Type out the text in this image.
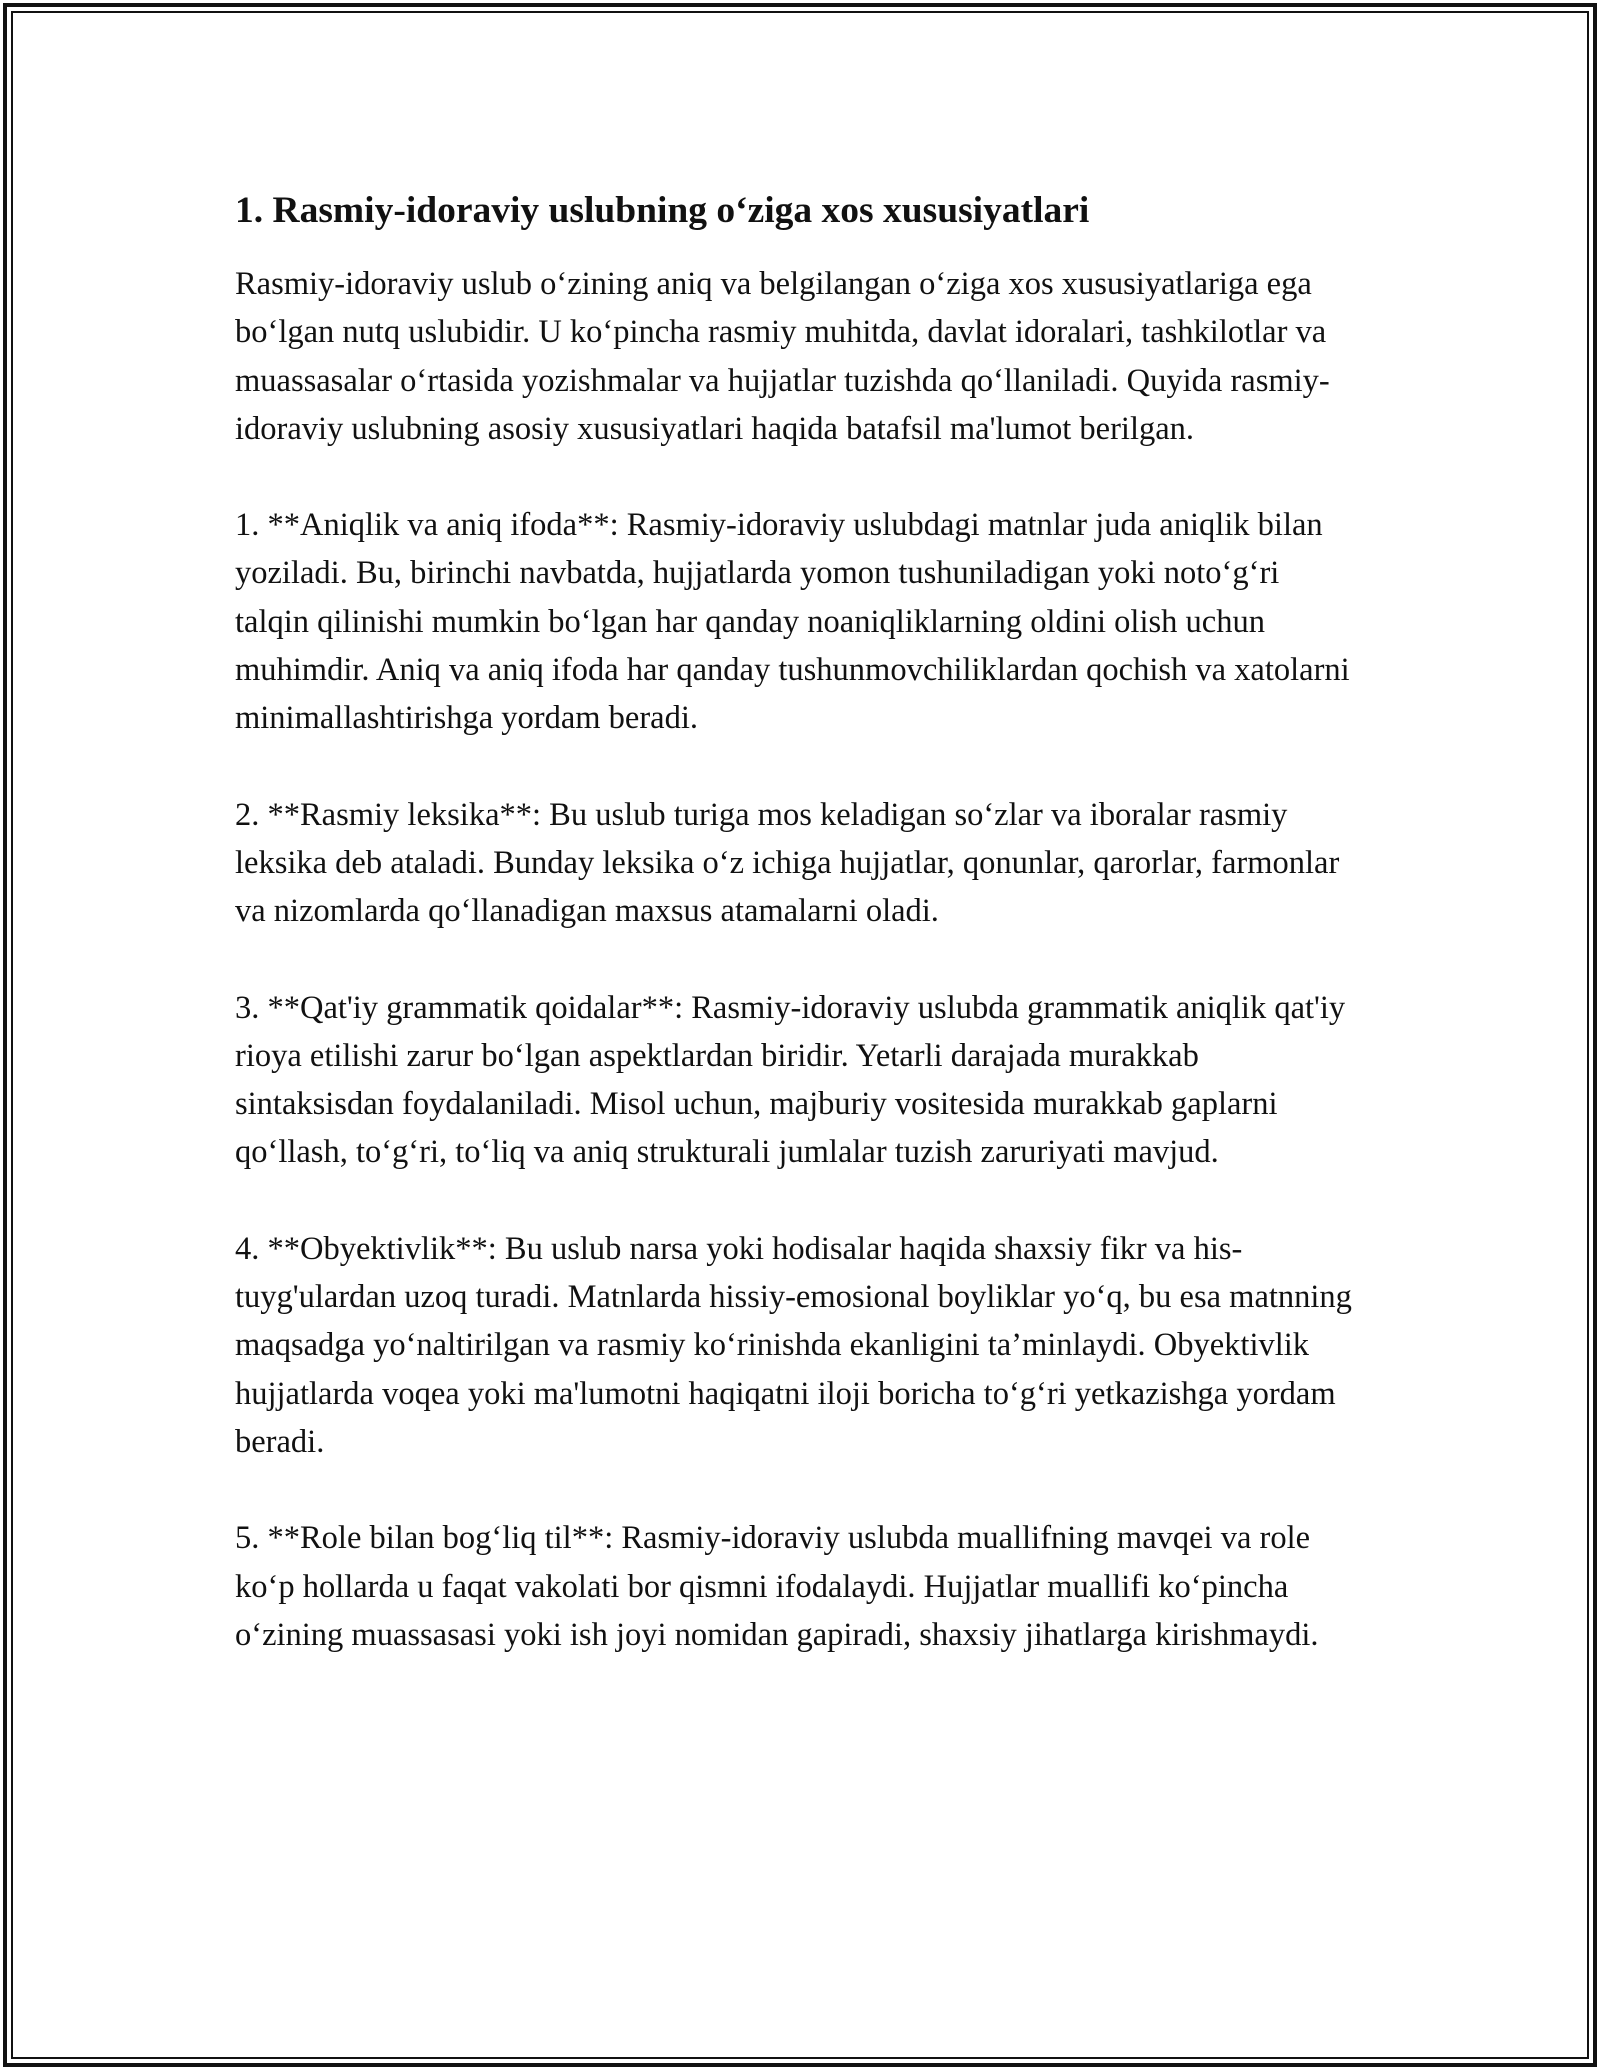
1. Rasmiy-idoraviy uslubning o‘ziga xos xususiyatlari

Rasmiy-idoraviy uslub o‘zining aniq va belgilangan o‘ziga xos xususiyatlariga ega bo‘lgan nutq uslubidir. U ko‘pincha rasmiy muhitda, davlat idoralari, tashkilotlar va muassasalar o‘rtasida yozishmalar va hujjatlar tuzishda qo‘llaniladi. Quyida rasmiy-idoraviy uslubning asosiy xususiyatlari haqida batafsil ma'lumot berilgan.

1. **Aniqlik va aniq ifoda**: Rasmiy-idoraviy uslubdagi matnlar juda aniqlik bilan yoziladi. Bu, birinchi navbatda, hujjatlarda yomon tushuniladigan yoki noto‘g‘ri talqin qilinishi mumkin bo‘lgan har qanday noaniqliklarning oldini olish uchun muhimdir. Aniq va aniq ifoda har qanday tushunmovchiliklardan qochish va xatolarni minimallashtirishga yordam beradi.

2. **Rasmiy leksika**: Bu uslub turiga mos keladigan so‘zlar va iboralar rasmiy leksika deb ataladi. Bunday leksika o‘z ichiga hujjatlar, qonunlar, qarorlar, farmonlar va nizomlarda qo‘llanadigan maxsus atamalarni oladi.

3. **Qat'iy grammatik qoidalar**: Rasmiy-idoraviy uslubda grammatik aniqlik qat'iy rioya etilishi zarur bo‘lgan aspektlardan biridir. Yetarli darajada murakkab sintaksisdan foydalaniladi. Misol uchun, majburiy vositesida murakkab gaplarni qo‘llash, to‘g‘ri, to‘liq va aniq strukturali jumlalar tuzish zaruriyati mavjud.

4. **Obyektivlik**: Bu uslub narsa yoki hodisalar haqida shaxsiy fikr va his-tuyg'ulardan uzoq turadi. Matnlarda hissiy-emosional boyliklar yo‘q, bu esa matnning maqsadga yo‘naltirilgan va rasmiy ko‘rinishda ekanligini ta’minlaydi. Obyektivlik hujjatlarda voqea yoki ma'lumotni haqiqatni iloji boricha to‘g‘ri yetkazishga yordam beradi.

5. **Role bilan bog‘liq til**: Rasmiy-idoraviy uslubda muallifning mavqei va role ko‘p hollarda u faqat vakolati bor qismni ifodalaydi. Hujjatlar muallifi ko‘pincha o‘zining muassasasi yoki ish joyi nomidan gapiradi, shaxsiy jihatlarga kirishmaydi.
